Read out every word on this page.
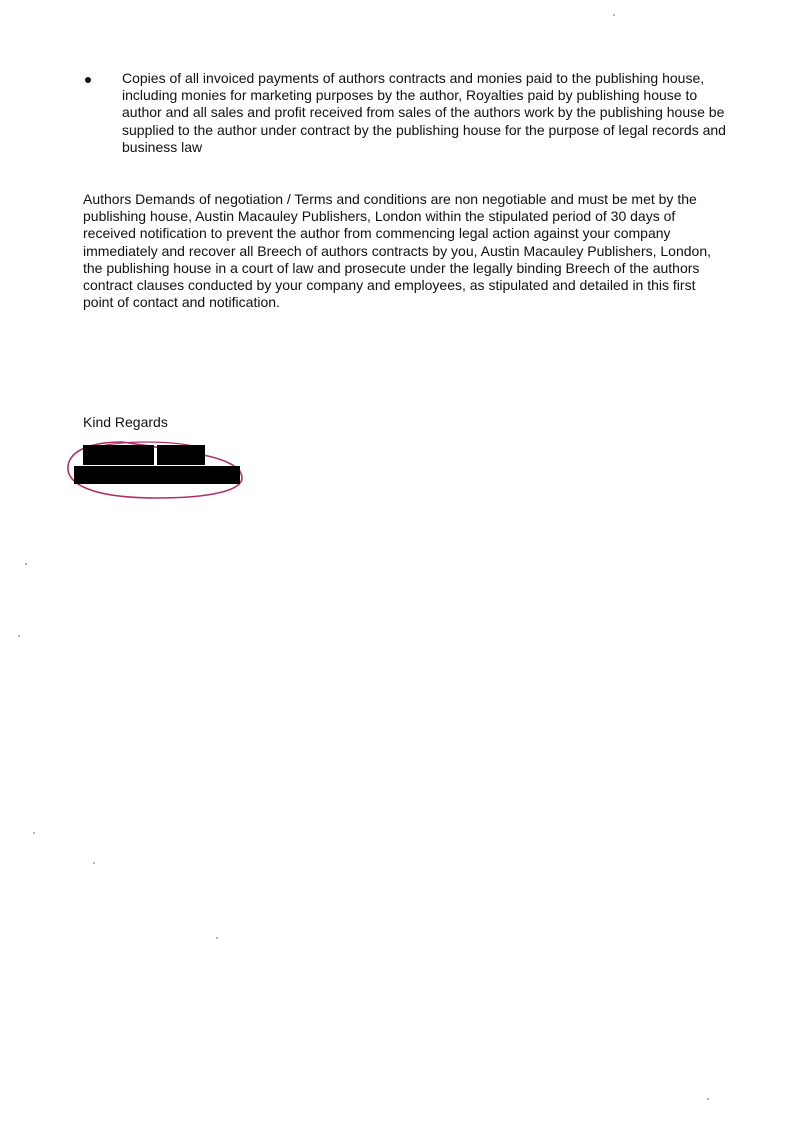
Copies of all invoiced payments of authors contracts and monies paid to the publishing house, including monies for marketing purposes by the author, Royalties paid by publishing house to author and all sales and profit received from sales of the authors work by the publishing house be supplied to the author under contract by the publishing house for the purpose of legal records and business law

Authors Demands of negotiation / Terms and conditions are non negotiable and must be met by the publishing house, Austin Macauley Publishers, London within the stipulated period of 30 days of received notification to prevent the author from commencing legal action against your company immediately and recover all Breech of authors contracts by you, Austin Macauley Publishers, London, the publishing house in a court of law and prosecute under the legally binding Breech of the authors contract clauses conducted by your company and employees, as stipulated and detailed in this first point of contact and notification.

Kind Regards
